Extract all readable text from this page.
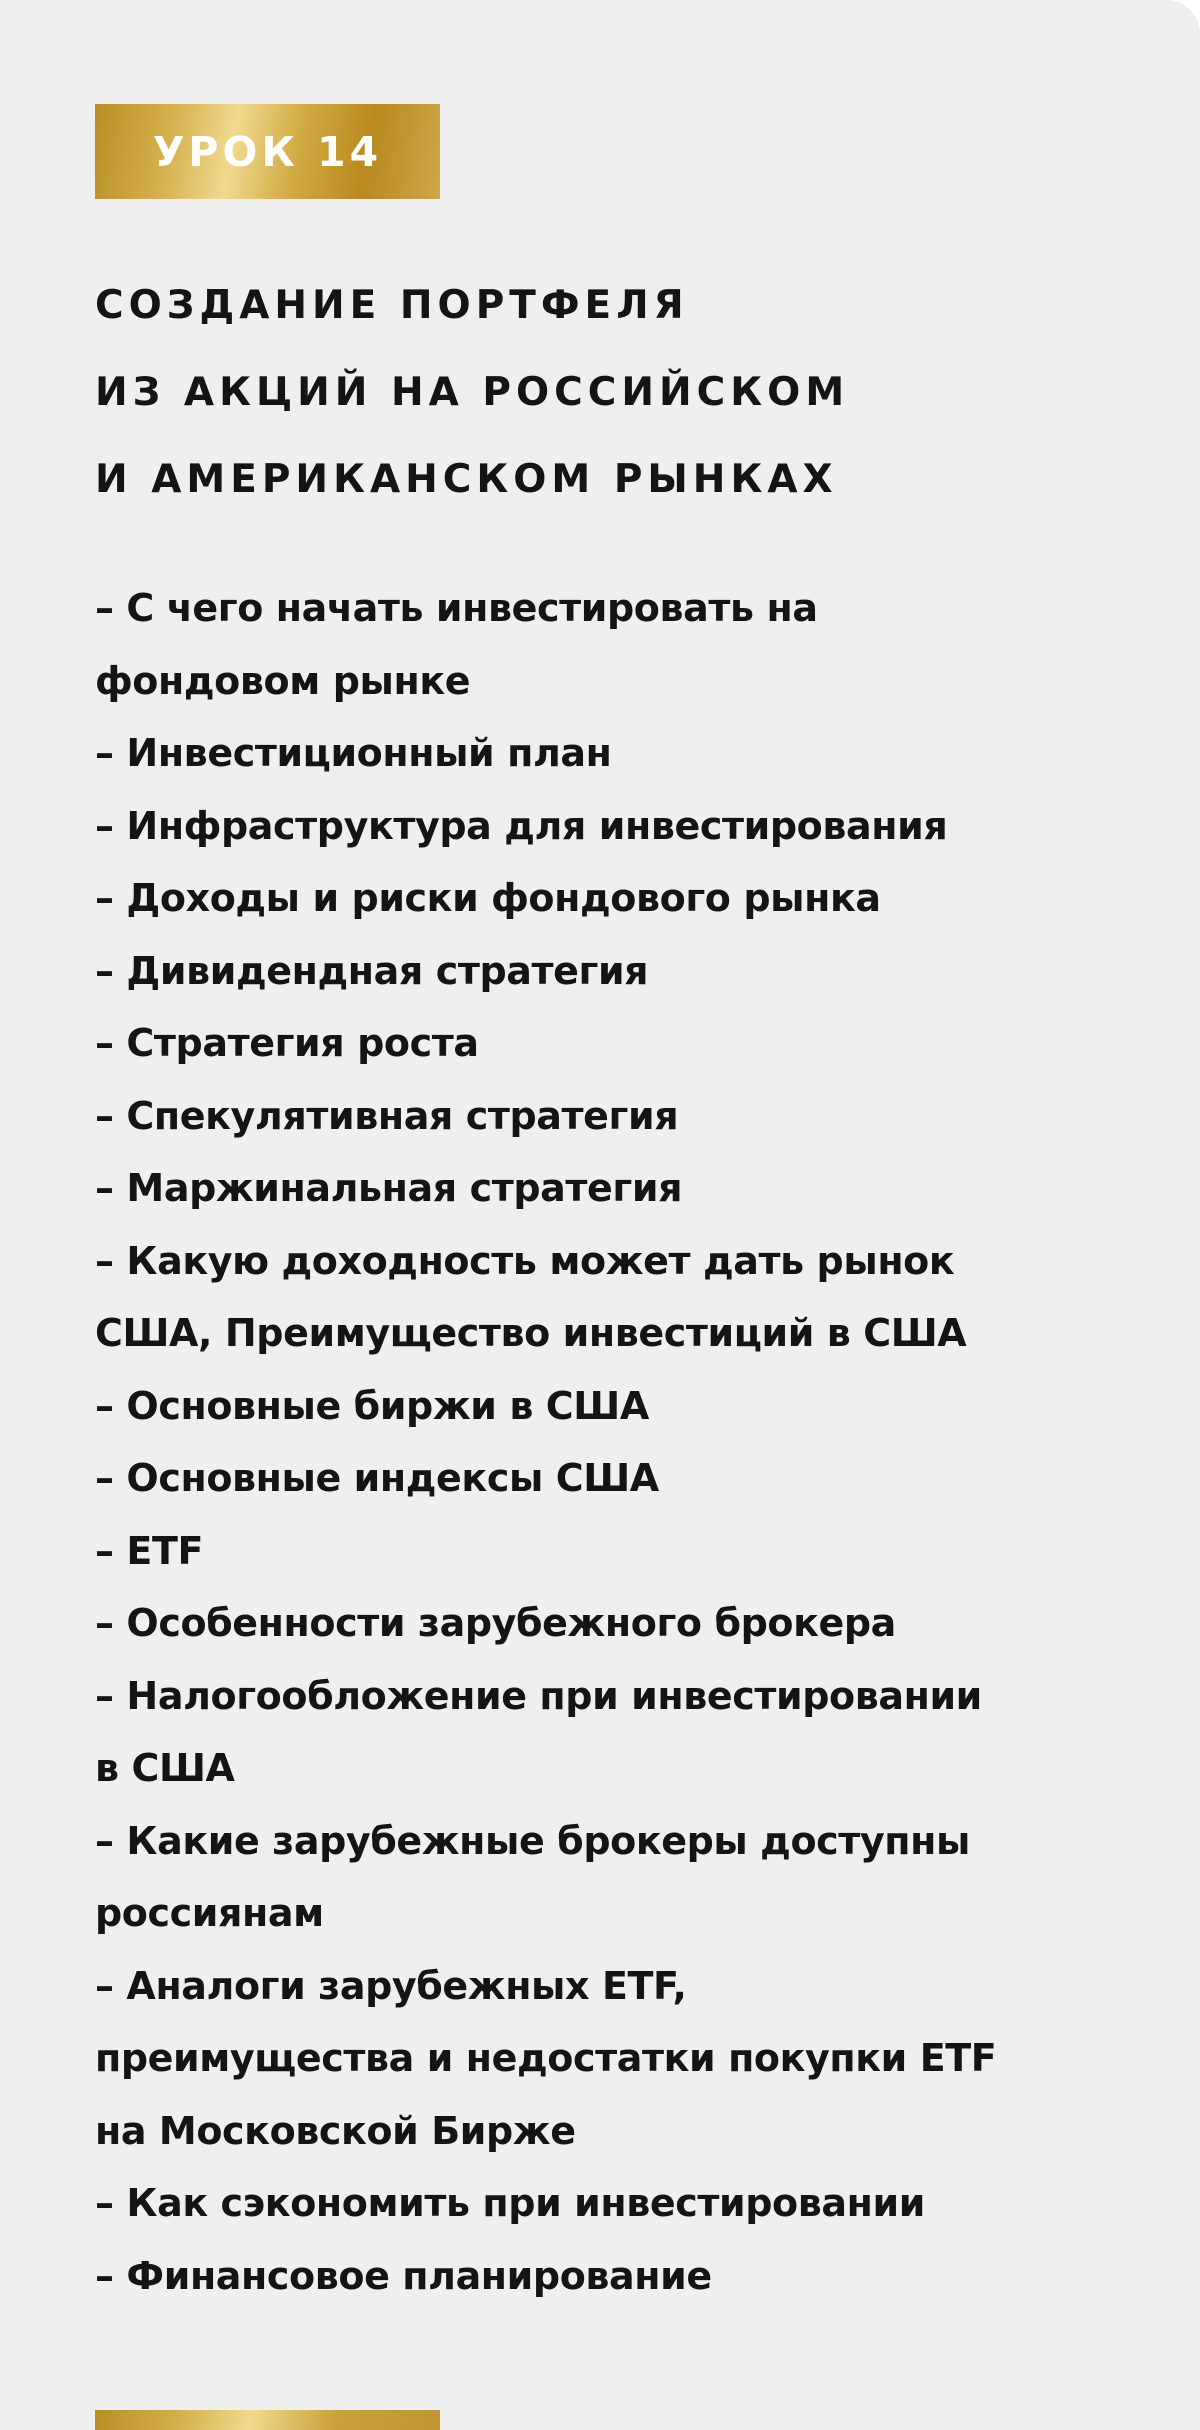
УРОК 14
СОЗДАНИЕ ПОРТФЕЛЯ
ИЗ АКЦИЙ НА РОССИЙСКОМ
И АМЕРИКАНСКОМ РЫНКАХ
– С чего начать инвестировать на
фондовом рынке
– Инвестиционный план
– Инфраструктура для инвестирования
– Доходы и риски фондового рынка
– Дивидендная стратегия
– Стратегия роста
– Спекулятивная стратегия
– Маржинальная стратегия
– Какую доходность может дать рынок
США, Преимущество инвестиций в США
– Основные биржи в США
– Основные индексы США
– ETF
– Особенности зарубежного брокера
– Налогообложение при инвестировании
в США
– Какие зарубежные брокеры доступны
россиянам
– Аналоги зарубежных ETF,
преимущества и недостатки покупки ETF
на Московской Бирже
– Как сэкономить при инвестировании
– Финансовое планирование
